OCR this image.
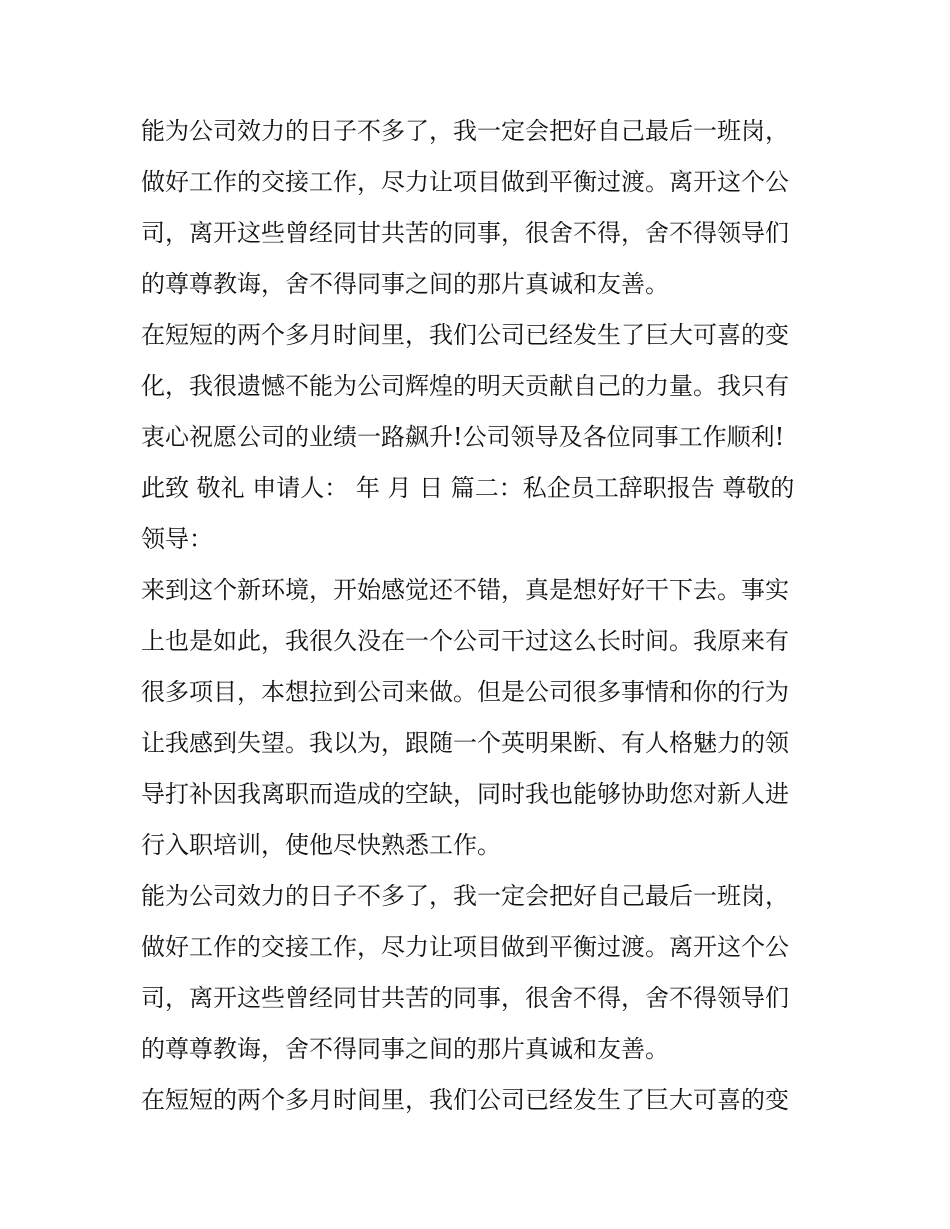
能为公司效力的日子不多了，我一定会把好自己最后一班岗，
做好工作的交接工作，尽力让项目做到平衡过渡。离开这个公
司，离开这些曾经同甘共苦的同事，很舍不得，舍不得领导们
的尊尊教诲，舍不得同事之间的那片真诚和友善。
在短短的两个多月时间里，我们公司已经发生了巨大可喜的变
化，我很遗憾不能为公司辉煌的明天贡献自己的力量。我只有
衷心祝愿公司的业绩一路飙升!公司领导及各位同事工作顺利!
此致 敬礼 申请人： 年 月 日 篇二：私企员工辞职报告 尊敬的
领导：
来到这个新环境，开始感觉还不错，真是想好好干下去。事实
上也是如此，我很久没在一个公司干过这么长时间。我原来有
很多项目，本想拉到公司来做。但是公司很多事情和你的行为
让我感到失望。我以为，跟随一个英明果断、有人格魅力的领
导打补因我离职而造成的空缺，同时我也能够协助您对新人进
行入职培训，使他尽快熟悉工作。
能为公司效力的日子不多了，我一定会把好自己最后一班岗，
做好工作的交接工作，尽力让项目做到平衡过渡。离开这个公
司，离开这些曾经同甘共苦的同事，很舍不得，舍不得领导们
的尊尊教诲，舍不得同事之间的那片真诚和友善。
在短短的两个多月时间里，我们公司已经发生了巨大可喜的变
